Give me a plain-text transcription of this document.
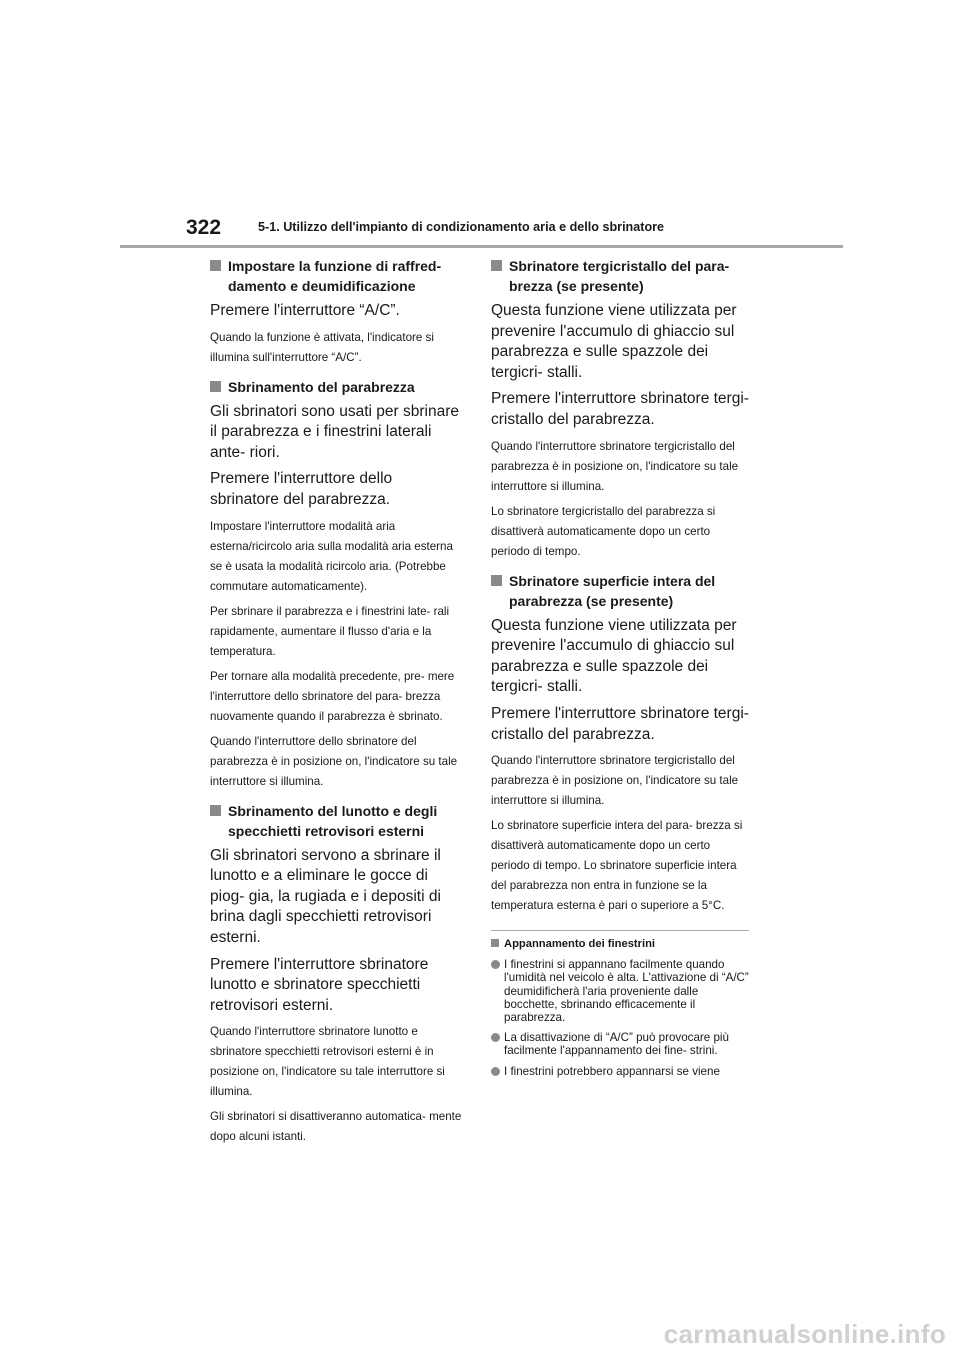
322	5-1. Utilizzo dell'impianto di condizionamento aria e dello sbrinatore
Impostare la funzione di raffred- damento e deumidificazione

Premere l'interruttore “A/C”.

Quando la funzione è attivata, l'indicatore si illumina sull'interruttore “A/C”.

Sbrinamento del parabrezza

Gli sbrinatori sono usati per sbrinare il parabrezza e i finestrini laterali ante- riori.

Premere l'interruttore dello sbrinatore del parabrezza.

Impostare l'interruttore modalità aria esterna/ricircolo aria sulla modalità aria esterna se è usata la modalità ricircolo aria. (Potrebbe commutare automaticamente).

Per sbrinare il parabrezza e i finestrini late- rali rapidamente, aumentare il flusso d'aria e la temperatura.

Per tornare alla modalità precedente, pre- mere l'interruttore dello sbrinatore del para- brezza nuovamente quando il parabrezza è sbrinato.

Quando l'interruttore dello sbrinatore del parabrezza è in posizione on, l'indicatore su tale interruttore si illumina.

Sbrinamento del lunotto e degli specchietti retrovisori esterni

Gli sbrinatori servono a sbrinare il lunotto e a eliminare le gocce di piog- gia, la rugiada e i depositi di brina dagli specchietti retrovisori esterni.

Premere l'interruttore sbrinatore lunotto e sbrinatore specchietti retrovisori esterni.

Quando l'interruttore sbrinatore lunotto e sbrinatore specchietti retrovisori esterni è in posizione on, l'indicatore su tale interruttore si illumina.

Gli sbrinatori si disattiveranno automatica- mente dopo alcuni istanti.

Sbrinatore tergicristallo del para- brezza (se presente)

Questa funzione viene utilizzata per prevenire l'accumulo di ghiaccio sul parabrezza e sulle spazzole dei tergicri- stalli.

Premere l'interruttore sbrinatore tergi- cristallo del parabrezza.

Quando l'interruttore sbrinatore tergicristallo del parabrezza è in posizione on, l'indicatore su tale interruttore si illumina.

Lo sbrinatore tergicristallo del parabrezza si disattiverà automaticamente dopo un certo periodo di tempo.

Sbrinatore superficie intera del parabrezza (se presente)

Questa funzione viene utilizzata per prevenire l'accumulo di ghiaccio sul parabrezza e sulle spazzole dei tergicri- stalli.

Premere l'interruttore sbrinatore tergi- cristallo del parabrezza.

Quando l'interruttore sbrinatore tergicristallo del parabrezza è in posizione on, l'indicatore su tale interruttore si illumina.

Lo sbrinatore superficie intera del para- brezza si disattiverà automaticamente dopo un certo periodo di tempo. Lo sbrinatore superficie intera del parabrezza non entra in funzione se la temperatura esterna è pari o superiore a 5°C.

Appannamento dei finestrini
I finestrini si appannano facilmente quando l'umidità nel veicolo è alta. L'attivazione di “A/C” deumidificherà l'aria proveniente dalle bocchette, sbrinando efficacemente il parabrezza.
La disattivazione di “A/C” può provocare più facilmente l'appannamento dei fine- strini.
I finestrini potrebbero appannarsi se viene
carmanualsonline.info
